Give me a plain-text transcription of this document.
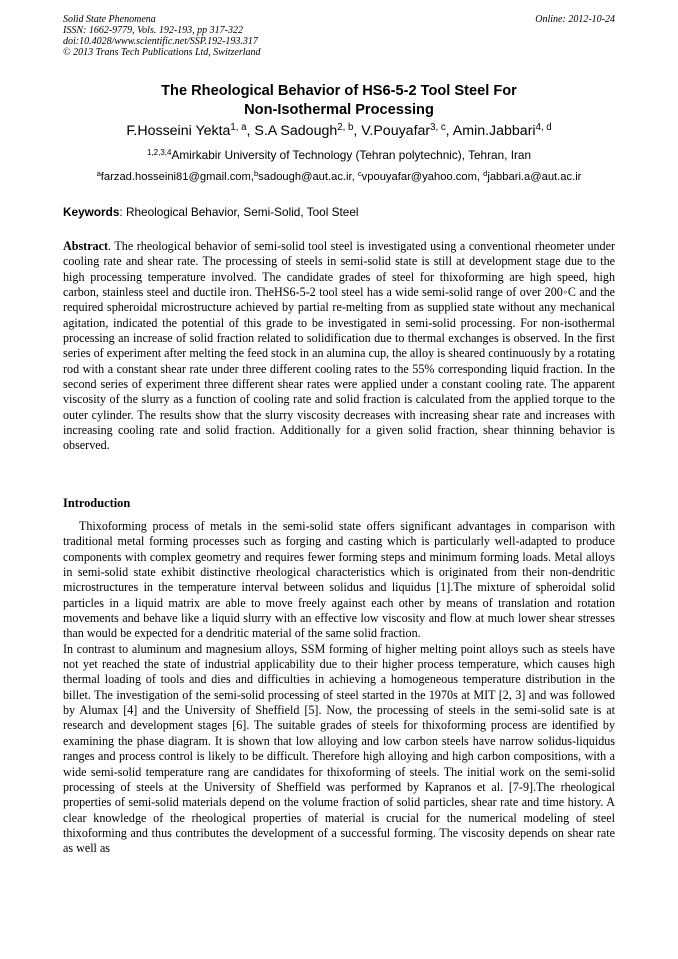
Solid State Phenomena
ISSN: 1662-9779, Vols. 192-193, pp 317-322
doi:10.4028/www.scientific.net/SSP.192-193.317
© 2013 Trans Tech Publications Ltd, Switzerland
Online: 2012-10-24
The Rheological Behavior of HS6-5-2 Tool Steel For
Non-Isothermal Processing
F.Hosseini Yekta$^{1, a}$, S.A Sadough$^{2, b}$, V.Pouyafar$^{3, c}$, Amin.Jabbari$^{4, d}$
$^{1,2,3,4}$Amirkabir University of Technology (Tehran polytechnic), Tehran, Iran
$^a$farzad.hosseini81@gmail.com,$^b$sadough@aut.ac.ir, $^c$vpouyafar@yahoo.com, $^d$jabbari.a@aut.ac.ir
Keywords: Rheological Behavior, Semi-Solid, Tool Steel
Abstract. The rheological behavior of semi-solid tool steel is investigated using a conventional rheometer under cooling rate and shear rate. The processing of steels in semi-solid state is still at development stage due to the high processing temperature involved. The candidate grades of steel for thixoforming are high speed, high carbon, stainless steel and ductile iron. TheHS6-5-2 tool steel has a wide semi-solid range of over 200◦C and the required spheroidal microstructure achieved by partial re-melting from as supplied state without any mechanical agitation, indicated the potential of this grade to be investigated in semi-solid processing. For non-isothermal processing an increase of solid fraction related to solidification due to thermal exchanges is observed. In the first series of experiment after melting the feed stock in an alumina cup, the alloy is sheared continuously by a rotating rod with a constant shear rate under three different cooling rates to the 55% corresponding liquid fraction. In the second series of experiment three different shear rates were applied under a constant cooling rate. The apparent viscosity of the slurry as a function of cooling rate and solid fraction is calculated from the applied torque to the outer cylinder. The results show that the slurry viscosity decreases with increasing shear rate and increases with increasing cooling rate and solid fraction. Additionally for a given solid fraction, shear thinning behavior is observed.
Introduction

Thixoforming process of metals in the semi-solid state offers significant advantages in comparison with traditional metal forming processes such as forging and casting which is particularly well-adapted to produce components with complex geometry and requires fewer forming steps and minimum forming loads. Metal alloys in semi-solid state exhibit distinctive rheological characteristics which is originated from their non-dendritic microstructures in the temperature interval between solidus and liquidus [1].The mixture of spheroidal solid particles in a liquid matrix are able to move freely against each other by means of translation and rotation movements and behave like a liquid slurry with an effective low viscosity and flow at much lower shear stresses than would be expected for a dendritic material of the same solid fraction.

In contrast to aluminum and magnesium alloys, SSM forming of higher melting point alloys such as steels have not yet reached the state of industrial applicability due to their higher process temperature, which causes high thermal loading of tools and dies and difficulties in achieving a homogeneous temperature distribution in the billet. The investigation of the semi-solid processing of steel started in the 1970s at MIT [2, 3] and was followed by Alumax [4] and the University of Sheffield [5]. Now, the processing of steels in the semi-solid sate is at research and development stages [6]. The suitable grades of steels for thixoforming process are identified by examining the phase diagram. It is shown that low alloying and low carbon steels have narrow solidus-liquidus ranges and process control is likely to be difficult. Therefore high alloying and high carbon compositions, with a wide semi-solid temperature rang are candidates for thixoforming of steels. The initial work on the semi-solid processing of steels at the University of Sheffield was performed by Kapranos et al. [7-9].The rheological properties of semi-solid materials depend on the volume fraction of solid particles, shear rate and time history. A clear knowledge of the rheological properties of material is crucial for the numerical modeling of steel thixoforming and thus contributes the development of a successful forming. The viscosity depends on shear rate as well as
